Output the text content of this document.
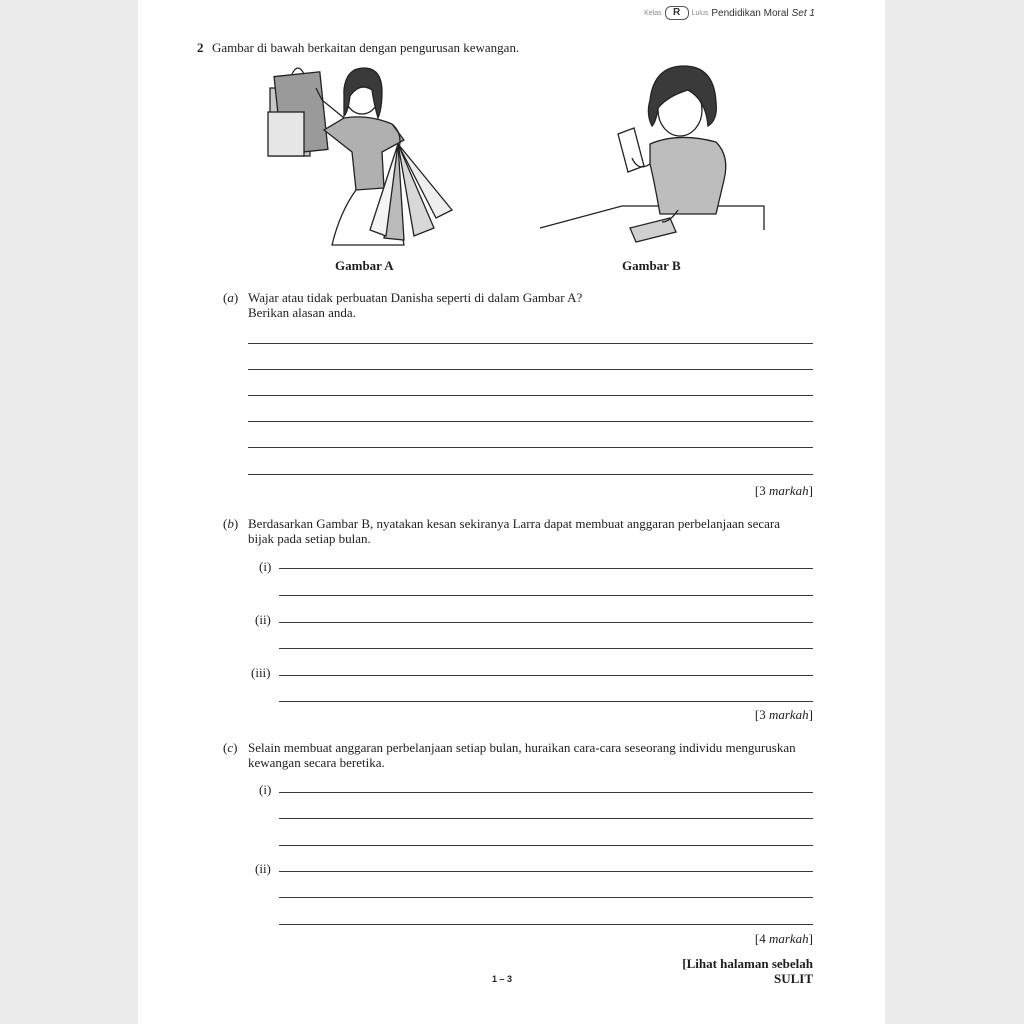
Kelas R Lulus Pendidikan Moral Set 1
2 Gambar di bawah berkaitan dengan pengurusan kewangan.
Gambar A	Gambar B
(a) Wajar atau tidak perbuatan Danisha seperti di dalam Gambar A?
Berikan alasan anda.
[3 markah]
(b) Berdasarkan Gambar B, nyatakan kesan sekiranya Larra dapat membuat anggaran perbelanjaan secara
bijak pada setiap bulan.
(i)
(ii)
(iii)
[3 markah]
(c) Selain membuat anggaran perbelanjaan setiap bulan, huraikan cara-cara seseorang individu menguruskan
kewangan secara beretika.
(i)
(ii)
[4 markah]
[Lihat halaman sebelah
1 – 3	SULIT
